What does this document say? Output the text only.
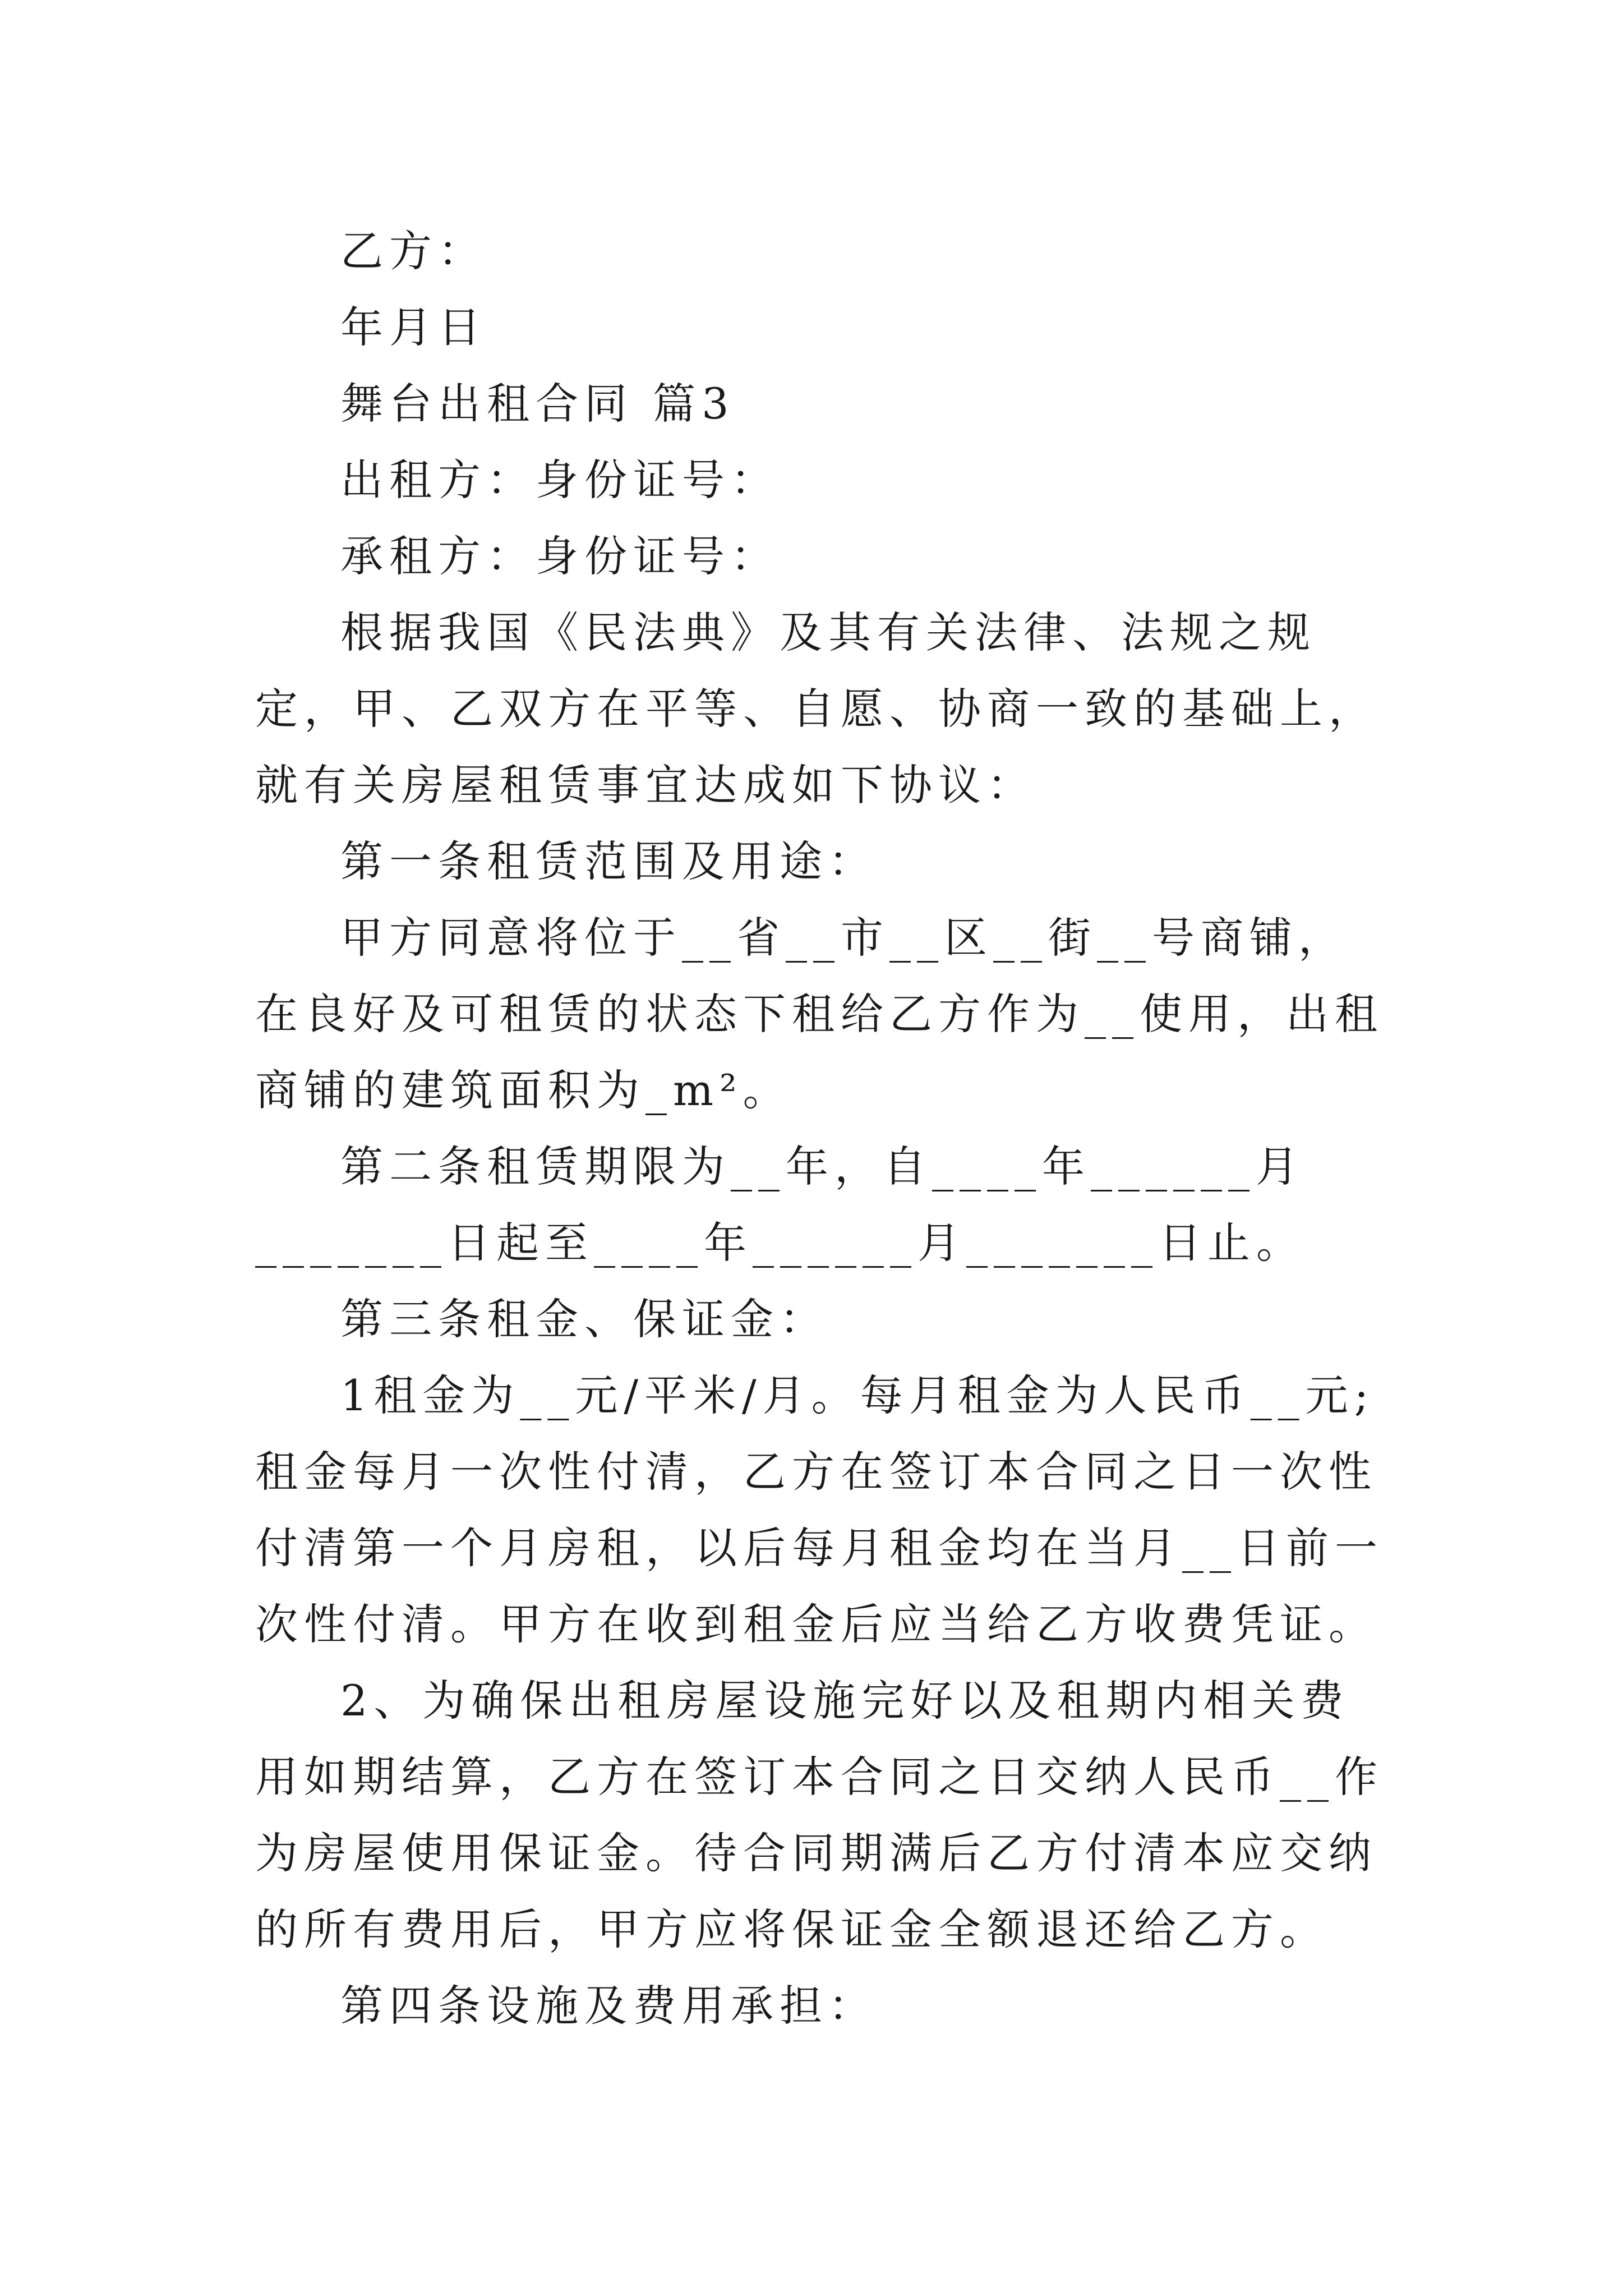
乙方：

年月日

舞台出租合同 篇3

出租方：身份证号：

承租方：身份证号：

根据我国《民法典》及其有关法律、法规之规定，甲、乙双方在平等、自愿、协商一致的基础上，就有关房屋租赁事宜达成如下协议：

第一条租赁范围及用途：

甲方同意将位于__省__市__区__街__号商铺，在良好及可租赁的状态下租给乙方作为__使用，出租商铺的建筑面积为_m²。

第二条租赁期限为__年，自____年______月_______日起至____年______月_______日止。

第三条租金、保证金：

1租金为__元/平米/月。每月租金为人民币__元;租金每月一次性付清，乙方在签订本合同之日一次性付清第一个月房租，以后每月租金均在当月__日前一次性付清。甲方在收到租金后应当给乙方收费凭证。

2、为确保出租房屋设施完好以及租期内相关费用如期结算，乙方在签订本合同之日交纳人民币__作为房屋使用保证金。待合同期满后乙方付清本应交纳的所有费用后，甲方应将保证金全额退还给乙方。

第四条设施及费用承担：
